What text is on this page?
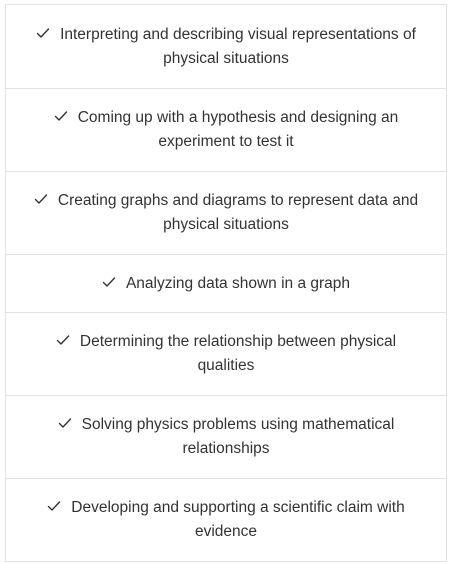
Interpreting and describing visual representations of physical situations
Coming up with a hypothesis and designing an experiment to test it
Creating graphs and diagrams to represent data and physical situations
Analyzing data shown in a graph
Determining the relationship between physical qualities
Solving physics problems using mathematical relationships
Developing and supporting a scientific claim with evidence
